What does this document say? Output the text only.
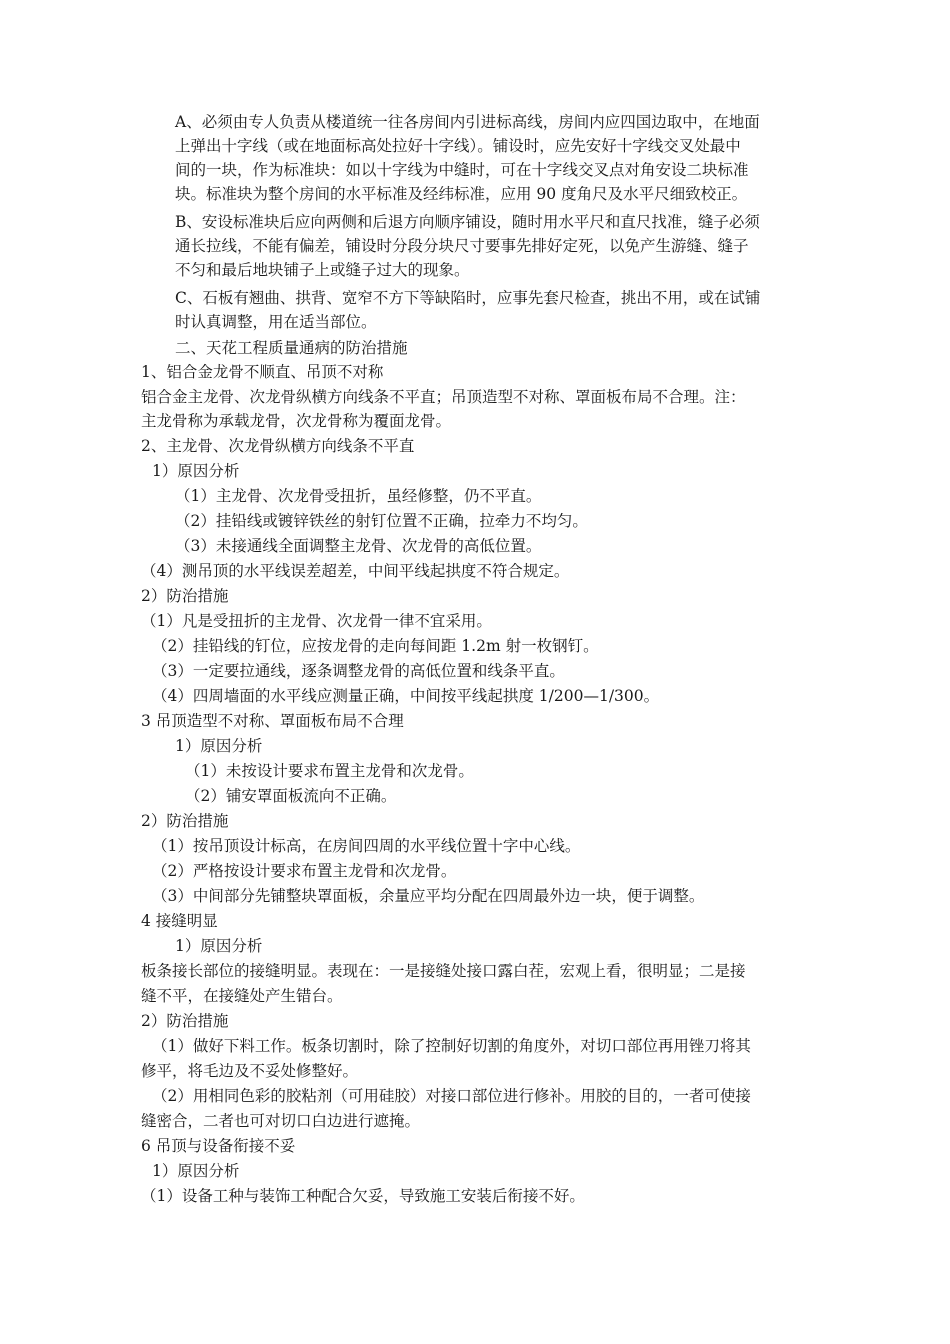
A、必须由专人负责从楼道统一往各房间内引进标高线，房间内应四国边取中，在地面
上弹出十字线（或在地面标高处拉好十字线）。铺设时，应先安好十字线交叉处最中
间的一块，作为标准块：如以十字线为中缝时，可在十字线交叉点对角安设二块标准
块。标准块为整个房间的水平标准及经纬标准，应用 90 度角尺及水平尺细致校正。
B、安设标准块后应向两侧和后退方向顺序铺设，随时用水平尺和直尺找准，缝子必须
通长拉线，不能有偏差，铺设时分段分块尺寸要事先排好定死，以免产生游缝、缝子
不匀和最后地块铺子上或缝子过大的现象。
C、石板有翘曲、拱背、宽窄不方下等缺陷时，应事先套尺检查，挑出不用，或在试铺
时认真调整，用在适当部位。
二、天花工程质量通病的防治措施
1、铝合金龙骨不顺直、吊顶不对称
铝合金主龙骨、次龙骨纵横方向线条不平直；吊顶造型不对称、罩面板布局不合理。注：
主龙骨称为承载龙骨，次龙骨称为覆面龙骨。
2、主龙骨、次龙骨纵横方向线条不平直
1）原因分析
（1）主龙骨、次龙骨受扭折，虽经修整，仍不平直。
（2）挂铅线或镀锌铁丝的射钉位置不正确，拉牵力不均匀。
（3）未接通线全面调整主龙骨、次龙骨的高低位置。
（4）测吊顶的水平线误差超差，中间平线起拱度不符合规定。
2）防治措施
（1）凡是受扭折的主龙骨、次龙骨一律不宜采用。
（2）挂铅线的钉位，应按龙骨的走向每间距 1.2m 射一枚钢钉。
（3）一定要拉通线，逐条调整龙骨的高低位置和线条平直。
（4）四周墙面的水平线应测量正确，中间按平线起拱度 1/200—1/300。
3 吊顶造型不对称、罩面板布局不合理
1）原因分析
（1）未按设计要求布置主龙骨和次龙骨。
（2）铺安罩面板流向不正确。
2）防治措施
（1）按吊顶设计标高，在房间四周的水平线位置十字中心线。
（2）严格按设计要求布置主龙骨和次龙骨。
（3）中间部分先铺整块罩面板，余量应平均分配在四周最外边一块，便于调整。
4 接缝明显
1）原因分析
板条接长部位的接缝明显。表现在：一是接缝处接口露白茬，宏观上看，很明显；二是接
缝不平，在接缝处产生错台。
2）防治措施
（1）做好下料工作。板条切割时，除了控制好切割的角度外，对切口部位再用锉刀将其
修平，将毛边及不妥处修整好。
（2）用相同色彩的胶粘剂（可用硅胶）对接口部位进行修补。用胶的目的，一者可使接
缝密合，二者也可对切口白边进行遮掩。
6 吊顶与设备衔接不妥
1）原因分析
（1）设备工种与装饰工种配合欠妥，导致施工安装后衔接不好。
